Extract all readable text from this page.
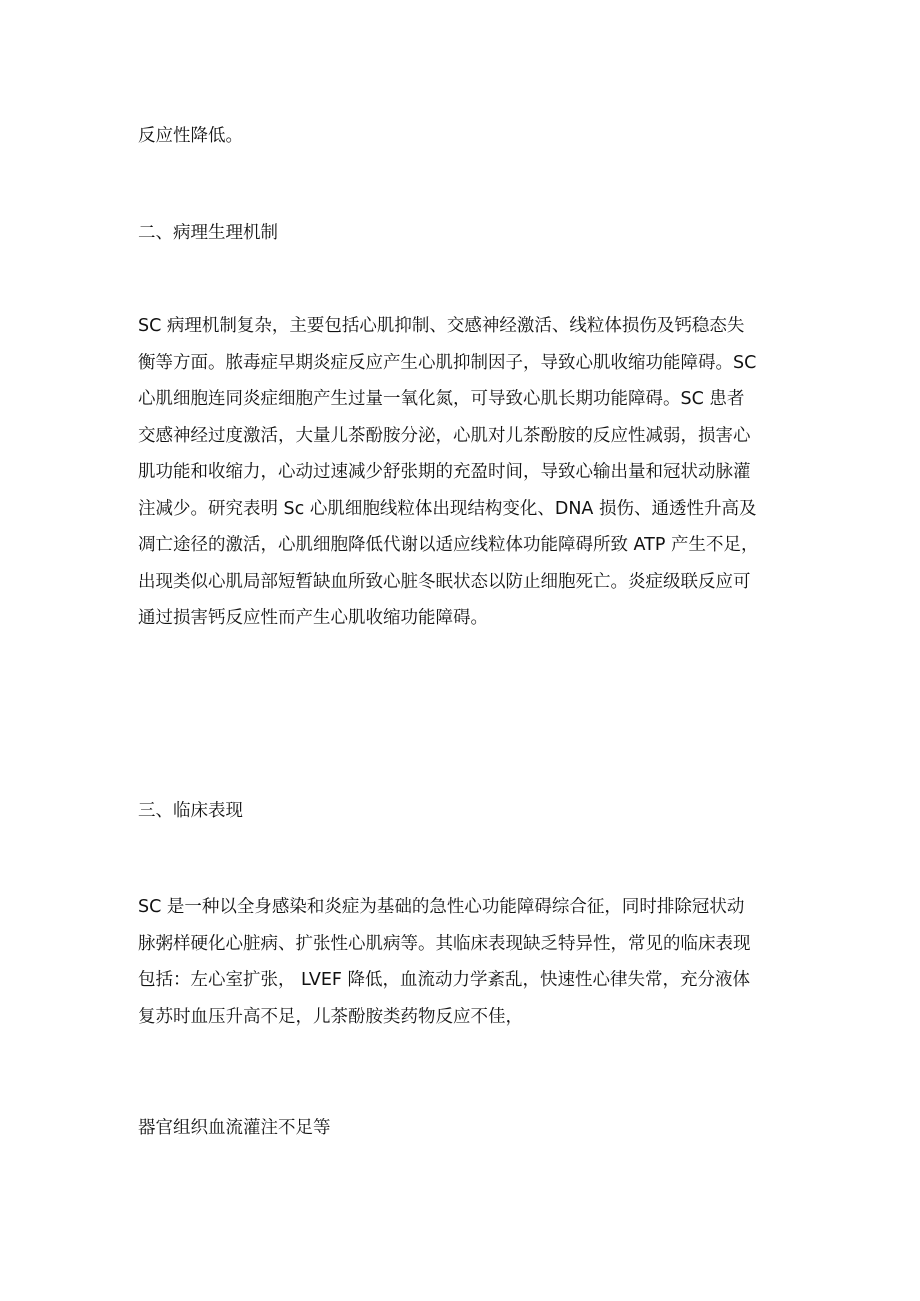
反应性降低。

二、病理生理机制

SC 病理机制复杂，主要包括心肌抑制、交感神经激活、线粒体损伤及钙稳态失
衡等方面。脓毒症早期炎症反应产生心肌抑制因子，导致心肌收缩功能障碍。SC
心肌细胞连同炎症细胞产生过量一氧化氮，可导致心肌长期功能障碍。SC 患者
交感神经过度激活，大量儿茶酚胺分泌，心肌对儿茶酚胺的反应性减弱，损害心
肌功能和收缩力，心动过速减少舒张期的充盈时间，导致心输出量和冠状动脉灌
注减少。研究表明 Sc 心肌细胞线粒体出现结构变化、DNA 损伤、通透性升高及
凋亡途径的激活，心肌细胞降低代谢以适应线粒体功能障碍所致 ATP 产生不足，
出现类似心肌局部短暂缺血所致心脏冬眠状态以防止细胞死亡。炎症级联反应可
通过损害钙反应性而产生心肌收缩功能障碍。

三、临床表现

SC 是一种以全身感染和炎症为基础的急性心功能障碍综合征，同时排除冠状动
脉粥样硬化心脏病、扩张性心肌病等。其临床表现缺乏特异性，常见的临床表现
包括：左心室扩张， LVEF 降低，血流动力学紊乱，快速性心律失常，充分液体
复苏时血压升高不足，儿茶酚胺类药物反应不佳，

器官组织血流灌注不足等
